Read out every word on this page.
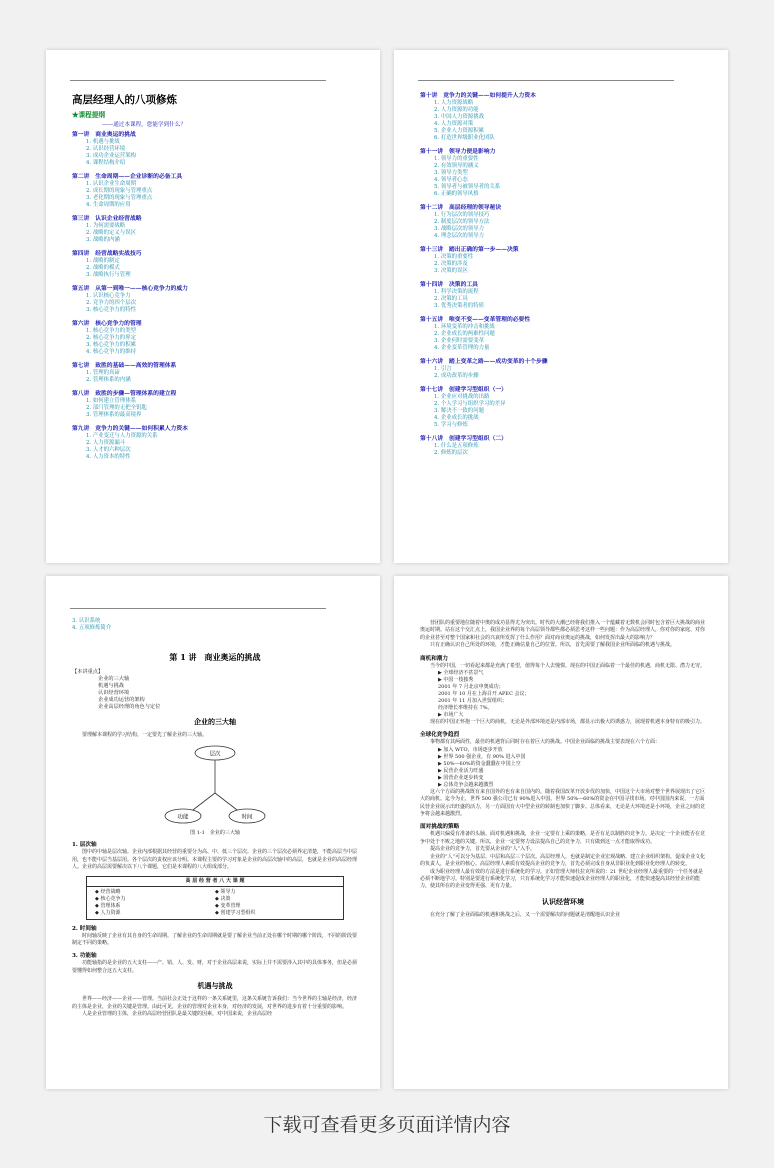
高层经理人的八项修炼
★课程提纲
——通过本课程，您能学到什么？
第一讲　商业奥运的挑战
1. 机遇与挑战
2. 认识经营环境
3. 成功企业运营架构
4. 课程结构介绍
第二讲　生命周期——企业诊断的必备工具
1. 认识企业生命周期
2. 成长期的现象与管理重点
3. 老化期的现象与管理重点
4. 生命周期的应用
第三讲　认识企业经营战略
1. 为何需要战略
2. 战略的定义与误区
3. 战略的内涵
第四讲　经营战略实战技巧
1. 战略的制定
2. 战略的模式
3. 战略执行与管理
第五讲　从第一到唯一——核心竞争力的威力
1. 认识核心竞争力
2. 竞争力的四个层次
3. 核心竞争力的特性
第六讲　核心竞争力的管理
1. 核心竞争力的类型
2. 核心竞争力的界定
3. 核心竞争力的积累
4. 核心竞争力的维持
第七讲　致胜的基础——高效的管理体系
1. 管理的真谛
2. 管理体系的内涵
第八讲　致胜的步骤—管理体系的建立程
1. 如何建立管理体系
2. 部门管理的无把全钥匙
3. 管理体系的最高境界
第九讲　竞争力的关键——如何积累人力资本
1. 产业变迁与人力资源的关系
2. 人力资源漏斗
3. 人才的六种层次
4. 人力资本的特性
第十讲　竞争力的关键——如何提升人力资本
1. 人力资源战略
2. 人力资源的功能
3. 中国人力资源挑战
4. 人力资源对策
5. 企业人力资源积累
6. 打造世界级职业化团队
第十一讲　领导力便是影响力
1. 领导力的重要性
2. 有效领导的涵义
3. 领导力类型
4. 领导者心态
5. 领导者与被领导者的关系
6. 正确的领导风格
第十二讲　高层经理的领导秘诀
1. 行为层次的领导技巧
2. 制度层次的领导方法
3. 战略层次的领导力
4. 理念层次的领导力
第十三讲　踏出正确的第一步——决策
1. 决策的重要性
2. 决策的涉及
3. 决策的误区
第十四讲　决策的工具
1. 科学决策的流程
2. 决策的工具
3. 优秀决策者的特质
第十五讲　唯变不变——变革管理的必要性
1. 环境变革的冲击和挑战
2. 企业成长的两难性问题
3. 企业何时需要变革
4. 企业变革管理的力量
第十六讲　踏上变革之路——成功变革的十个步骤
1. 引言
2. 成功改革的步骤
第十七讲　创建学习型组织（一）
1. 企业应对挑战的出路
2. 个人学习与组织学习的差异
3. 解决不一致的问题
4. 企业成长的挑战
5. 学习与修炼
第十八讲　创建学习型组织（二）
1. 什么是五项修炼
2. 修炼的层次
3. 认识系统
4. 五项修炼简介
第 1 讲　商业奥运的挑战
【本讲重点】
企业的三大轴
机遇与挑战
认识经营环境
企业成功运营的架构
企业高层经理的角色与定位
企业的三大轴
要理解本课程的学习结构，一定要先了解企业的三大轴。
层次
功能	时间
图 1-1　企业的三大轴
1. 层次轴
图中的中轴是层次轴。企业内部根据其经营的重要分为高、中、低三个层次。企业的三个层次必须界定清楚，不能高层当中层用，也不能中层当基层用。各个层次的责权应该分明。本课程主要的学习对象是企业的高层次轴中的高层，也就是企业的高层经理人。企业的高层需要解决以下八个课题，它们是本课程的八大组成部分。
高 层 经 营 者 八 大 课 题
◆ 经营战略
◆ 核心竞争力
◆ 管理体系
◆ 人力资源
◆ 领导力
◆ 决策
◆ 变革管理
◆ 创建学习型组织
2. 时间轴
时间轴反映了企业有其自身的生命周期。了解企业的生命周期就是要了解企业当前正处在哪个时期的哪个阶段，不同的阶段要制定不同的策略。
3. 功能轴
功能轴指的是企业的五大支柱——产、销、人、发、财，对于企业高层来说，实际上并不需要涉入其中的具体事务，但是必须要懂得如何整合这五大支柱。
机遇与挑战
世界——经济——企业——管理。当前社会正处于这样的一条关系链里，这条关系链告诉我们：当今世界的主轴是经济，经济的主体是企业，企业的关键是管理。由此可见，企业的管理对企业本身，对经济的发展，对世界的进步有着十分重要的影响。
人是企业管理的主体，企业的高层经营团队是最关键的因素。对中国来说，企业高层经
营团队的重要地位随着中奥的成功显得尤为突出。时代的大潮已经将我们推入一个蕴藏着无数机会同时包含着巨大挑战的商业奥运时期。站在这个交汇点上，我国企业界的每个高层领导都些都必须思考这样一些问题：作为高层经理人，你对你的家庭、对你的企业甚至对整个国家和社会的兴衰所发挥了什么作用？面对商业奥运的挑战，如何发挥出最大的影响力？
只有正确认识自己所处的环境，才能正确估量自己的位置。所以，首先需要了解我国企业所面临的机遇与挑战。
商机和潮力
当今的中国，一切看起来都是充满了希望，值得每个人去憧憬。现在的中国正面临着一个最佳的机遇，商机无限、潜力无穷。
▶ 全球经济不甚景气
▶ 中国一枝独秀
2001 年 7 月北京申奥成功；
2001 年 10 月在上海召开 APEC 会议；
2001 年 11 月加入世贸组织；
经济增长率维持在 7%。
▶ 市场广大
现在的中国正怀抱一个巨大的商机，无论是外部环境还是内部市场，都显示出极大的诱惑力，展现着机遇本身特有的吸引力。
全球化竞争趋烈
事物都有其两面性，最佳的机遇背后同时存在着巨大的挑战。中国企业面临的挑战主要表现在六个方面：
▶ 加入 WTO，市场逐步开放
▶ 世界 500 强企业，有 90% 进入中国
▶ 50%—60%的资金蠢蠢在中国上空
▶ 民营企业活力旺盛
▶ 国营企业逐步转变
▶ 总体竞争会越来越激烈
这六个方面的挑战既有来自国外的也有来自国内的。随着我国改革开放步伐的加快，中国这个大市场对整个世界展现出了它巨大的商机。迄今为止，世界 500 强公司已有 90%进入中国。世界 50%—60%的资金在中国寻找市场。对中国国内来说，一方面民营企业展示出旺盛的活力，另一方面国有大中型企业的转制也加快了脚步。总体看来，无论是大环境还是小环境，企业之间的竞争将会越来越激烈。
面对挑战的策略
机遇只偏爱有准备的头脑。面对机遇和挑战，企业一定要有上乘的策略，是否有足以制胜的竞争力。是决定一个企业能否在竞争中处于不败之地的关键。所以，企业一定要努力设法提高自己的竞争力，只有做到这一点才能取得成功。
提高企业的竞争力，首先要从企业的“人”入手。
企业的“人”可以分为基层、中层和高层三个层次。高层经理人，也就是制定企业宏观战略、建立企业组织架构，促成企业文化的负责人，是企业的核心。高层经理人素质有效提高企业的竞争力，首先必须完成自身从非职业化到职业化经理人的转变。
成为职业经理人最有效的方法是进行系统化的学习。正如管理大师杜拉克所说的：21 世纪企业经理人最重要的一个任务就是必须不断地学习。特别是要进行系统化学习，只有系统化学习才能快速促成企业经理人的职业化，才能快速提高其经营企业的能力，使其所在的企业变得更强、更有力量。
认识经营环境
在充分了解了企业面临的机遇和挑战之后，又一个需要解决的问题就是清醒地认识企业
下载可查看更多页面详情内容
